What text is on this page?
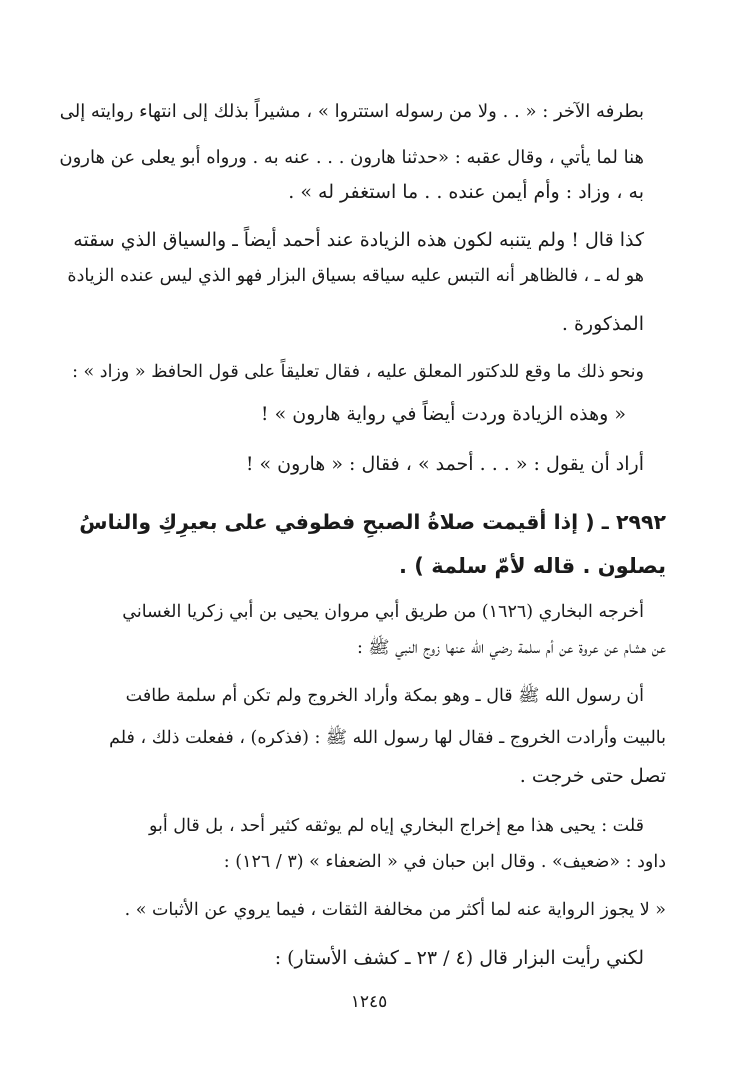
بطرفه الآخر : « . . ولا من رسوله استتروا » ، مشيراً بذلك إلى انتهاء روايته إلى
هنا لما يأتي ، وقال عقبه : «حدثنا هارون . . . عنه به . ورواه أبو يعلى عن هارون
به ، وزاد : وأم أيمن عنده . . ما استغفر له » .
كذا قال ! ولم يتنبه لكون هذه الزيادة عند أحمد أيضاً ـ والسياق الذي سقته
هو له ـ ، فالظاهر أنه التبس عليه سياقه بسياق البزار فهو الذي ليس عنده الزيادة
المذكورة .
ونحو ذلك ما وقع للدكتور المعلق عليه ، فقال تعليقاً على قول الحافظ « وزاد » :
« وهذه الزيادة وردت أيضاً في رواية هارون » !
أراد أن يقول : « . . . أحمد » ، فقال : « هارون » !
٢٩٩٢ ـ ( إذا أقيمت صلاةُ الصبحِ فطوفي على بعيرِكِ والناسُ
يصلون . قاله لأمّ سلمة ) .
أخرجه البخاري (١٦٢٦) من طريق أبي مروان يحيى بن أبي زكريا الغساني
عن هشام عن عروة عن أم سلمة رضي الله عنها زوج النبي ﷺ :
أن رسول الله ﷺ قال ـ وهو بمكة وأراد الخروج ولم تكن أم سلمة طافت
بالبيت وأرادت الخروج ـ فقال لها رسول الله ﷺ : (فذكره) ، ففعلت ذلك ، فلم
تصل حتى خرجت .
قلت : يحيى هذا مع إخراج البخاري إياه لم يوثقه كثير أحد ، بل قال أبو
داود : «ضعيف» . وقال ابن حبان في « الضعفاء » (٣ / ١٢٦) :
« لا يجوز الرواية عنه لما أكثر من مخالفة الثقات ، فيما يروي عن الأثبات » .
لكني رأيت البزار قال (٤ / ٢٣ ـ كشف الأستار) :
١٢٤٥
